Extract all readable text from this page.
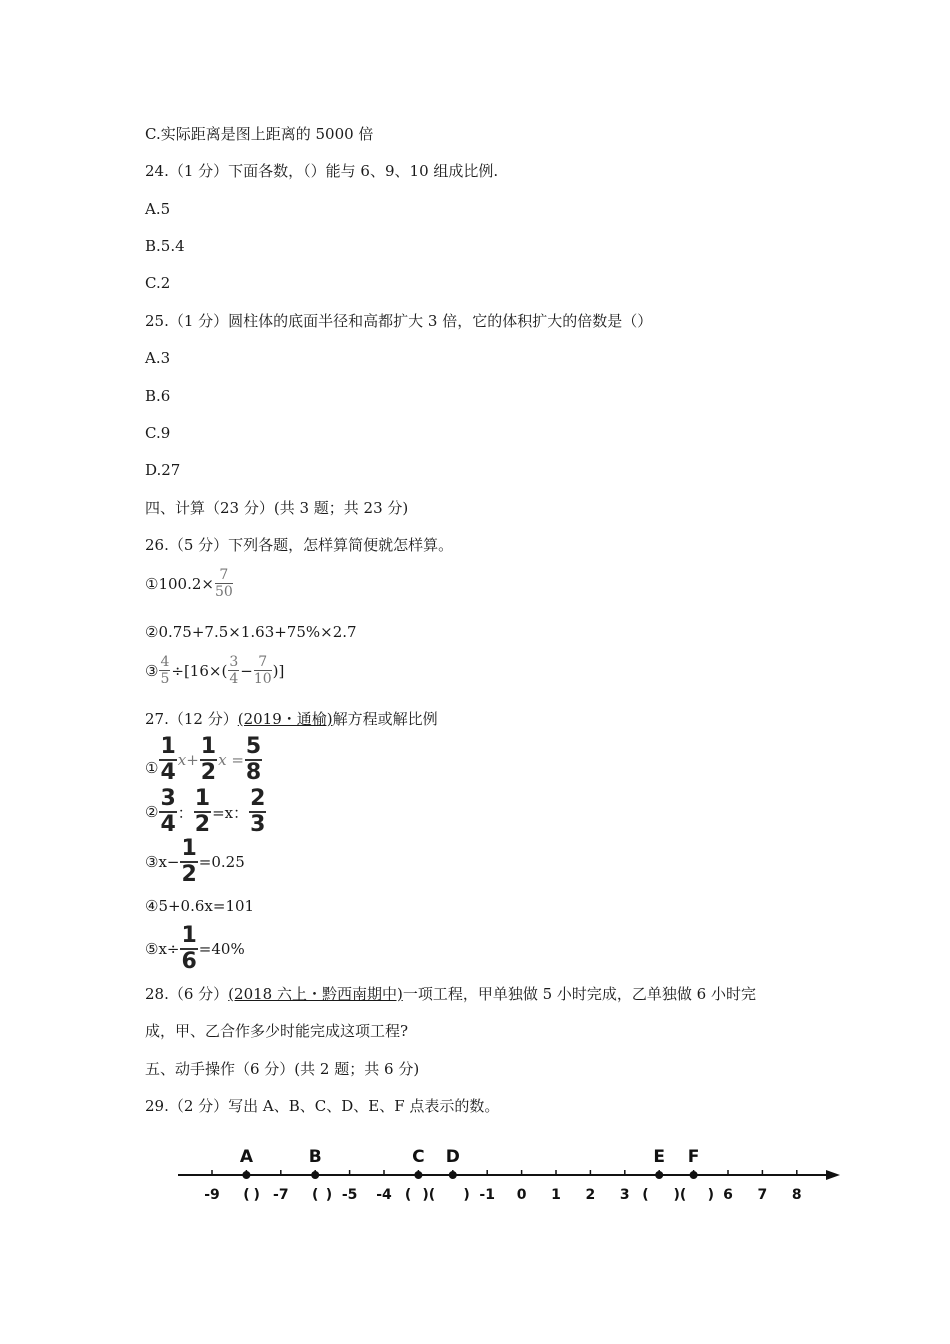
C.实际距离是图上距离的 5000 倍
24.（1 分）下面各数，（）能与 6、9、10 组成比例.
A.5
B.5.4
C.2
25.（1 分）圆柱体的底面半径和高都扩大 3 倍，它的体积扩大的倍数是（）
A.3
B.6
C.9
D.27
四、计算（23 分）(共 3 题；共 23 分)
26.（5 分）下列各题，怎样算简便就怎样算。
①100.2× $\frac{7}{50}$
②0.75+7.5×1.63+75%×2.7
③ $\frac{4}{5} \div[16\times( \frac{3}{4} - \frac{7}{10}$ )]
27.（12 分）(2019・通榆)解方程或解比例
① $\frac{1}{4} x+ \frac{1}{2}$ $x = \frac{5}{8}$
② $\frac{3}{4}$ ： $\frac{1}{2} =x$： $\frac{2}{3}$
③x− $\frac{1}{2} =0.25$
④5+0.6x=101
⑤x÷ $\frac{1}{6} =40\%$
28.（6 分）(2018 六上・黔西南期中)一项工程，甲单独做 5 小时完成，乙单独做 6 小时完
成，甲、乙合作多少时能完成这项工程?
五、动手操作（6 分）(共 2 题；共 6 分)
29.（2 分）写出 A、B、C、D、E、F 点表示的数。
A	B	C D	E F
-9 ( ) -7 ( ) -5 -4 ( )( ) -1 0 1 2 3 ( )( ) 6 7 8
